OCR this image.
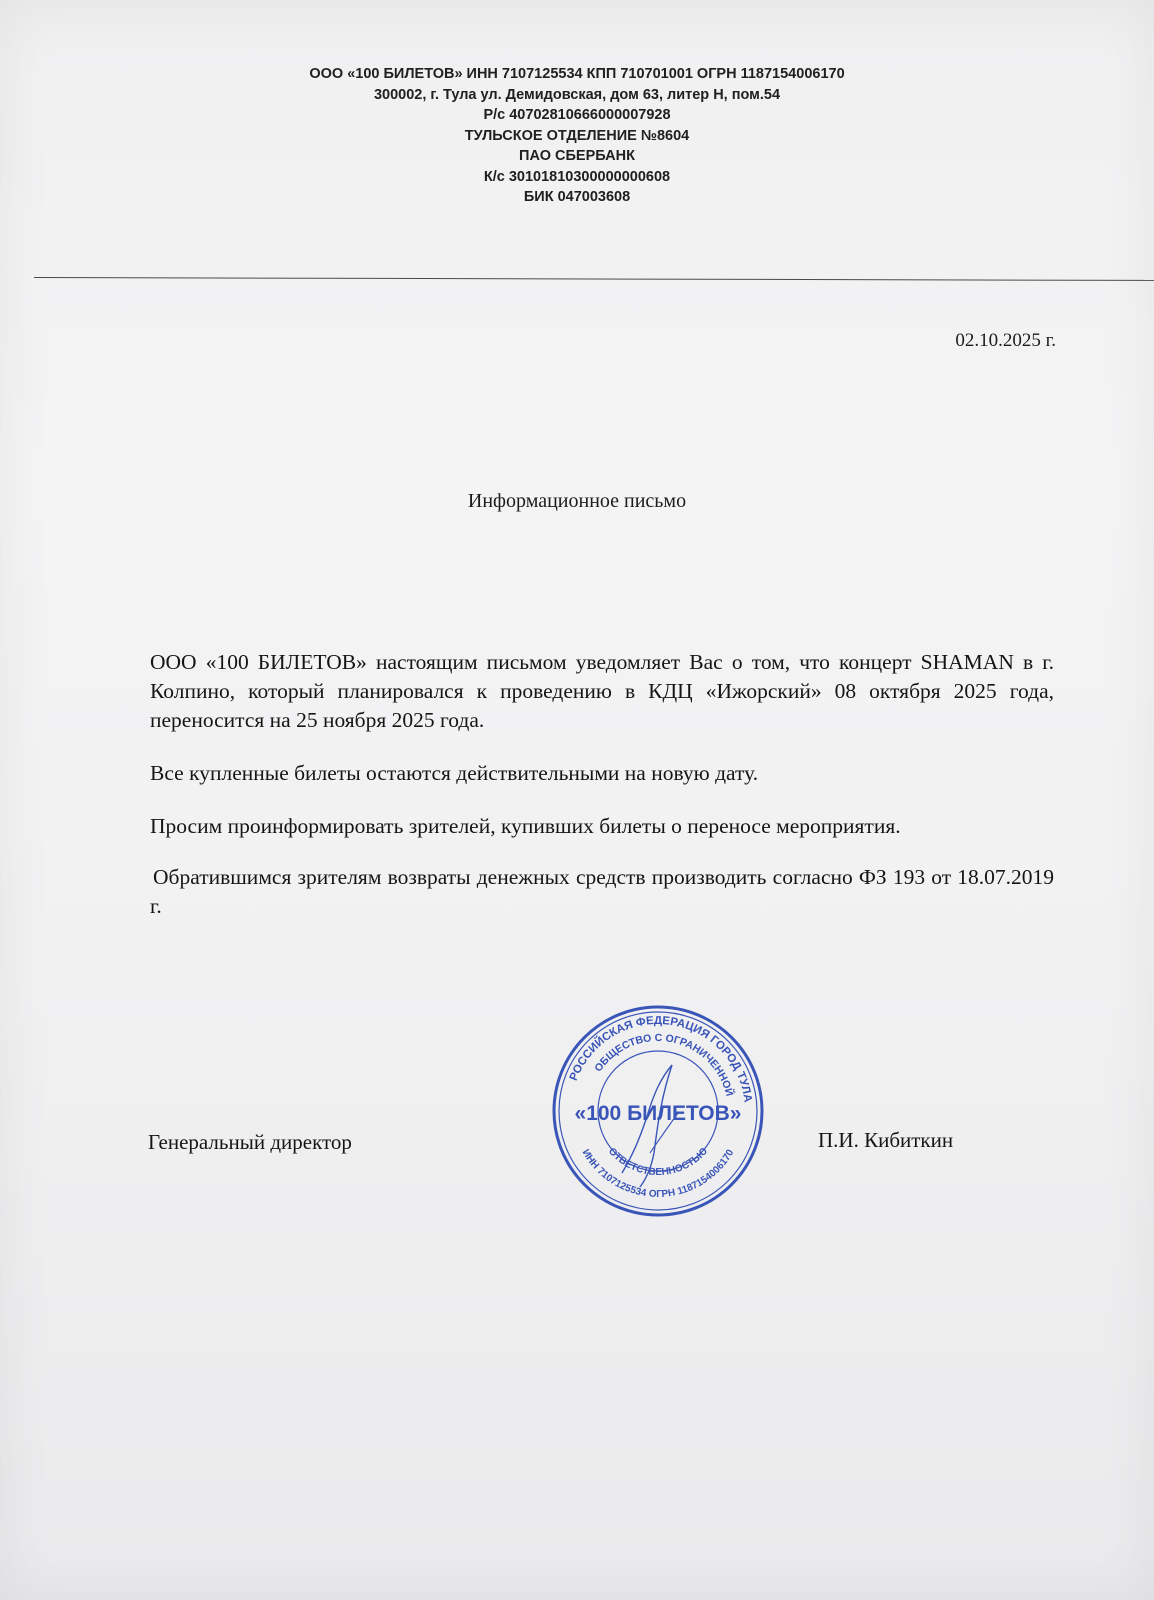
ООО «100 БИЛЕТОВ» ИНН 7107125534 КПП 710701001 ОГРН 1187154006170
300002, г. Тула ул. Демидовская, дом 63, литер Н, пом.54
Р/с 40702810666000007928
ТУЛЬСКОЕ ОТДЕЛЕНИЕ №8604
ПАО СБЕРБАНК
К/с 30101810300000000608
БИК 047003608
02.10.2025 г.
Информационное письмо

ООО «100 БИЛЕТОВ» настоящим письмом уведомляет Вас о том, что концерт SHAMAN в г. Колпино, который планировался к проведению в КДЦ «Ижорский» 08 октября 2025 года, переносится на 25 ноября 2025 года.

Все купленные билеты остаются действительными на новую дату.

Просим проинформировать зрителей, купивших билеты о переносе мероприятия.

Обратившимся зрителям возвраты денежных средств производить согласно ФЗ 193 от 18.07.2019 г.

Генеральный директор	П.И. Кибиткин
РОССИЙСКАЯ ФЕДЕРАЦИЯ ГОРОД ТУЛА
ОБЩЕСТВО С ОГРАНИЧЕННОЙ
ИНН 7107125534 ОГРН 1187154006170
ОТВЕТСТВЕННОСТЬЮ
«100 БИЛЕТОВ»
